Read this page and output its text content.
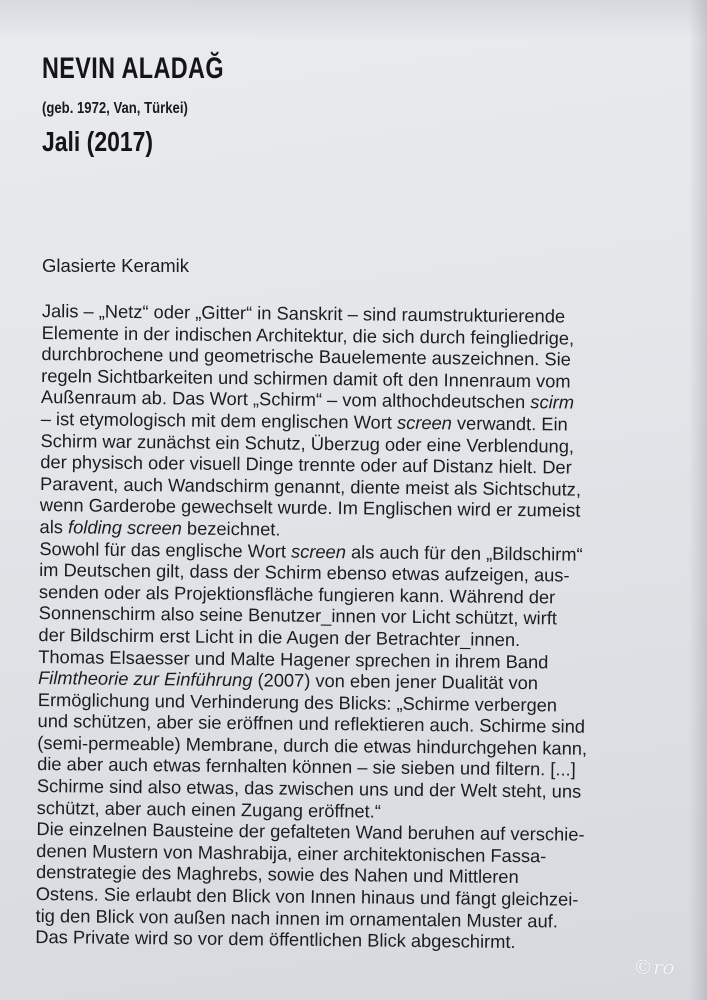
NEVIN ALADAĞ
(geb. 1972, Van, Türkei)
Jali (2017)
Glasierte Keramik
Jalis – „Netz“ oder „Gitter“ in Sanskrit – sind raumstrukturierende
Elemente in der indischen Architektur, die sich durch feingliedrige,
durchbrochene und geometrische Bauelemente auszeichnen. Sie
regeln Sichtbarkeiten und schirmen damit oft den Innenraum vom
Außenraum ab. Das Wort „Schirm“ – vom althochdeutschen scirm
– ist etymologisch mit dem englischen Wort screen verwandt. Ein
Schirm war zunächst ein Schutz, Überzug oder eine Verblendung,
der physisch oder visuell Dinge trennte oder auf Distanz hielt. Der
Paravent, auch Wandschirm genannt, diente meist als Sichtschutz,
wenn Garderobe gewechselt wurde. Im Englischen wird er zumeist
als folding screen bezeichnet.
Sowohl für das englische Wort screen als auch für den „Bildschirm“
im Deutschen gilt, dass der Schirm ebenso etwas aufzeigen, aus-
senden oder als Projektionsfläche fungieren kann. Während der
Sonnenschirm also seine Benutzer_innen vor Licht schützt, wirft
der Bildschirm erst Licht in die Augen der Betrachter_innen.
Thomas Elsaesser und Malte Hagener sprechen in ihrem Band
Filmtheorie zur Einführung (2007) von eben jener Dualität von
Ermöglichung und Verhinderung des Blicks: „Schirme verbergen
und schützen, aber sie eröffnen und reflektieren auch. Schirme sind
(semi-permeable) Membrane, durch die etwas hindurchgehen kann,
die aber auch etwas fernhalten können – sie sieben und filtern. [...]
Schirme sind also etwas, das zwischen uns und der Welt steht, uns
schützt, aber auch einen Zugang eröffnet.“
Die einzelnen Bausteine der gefalteten Wand beruhen auf verschie-
denen Mustern von Mashrabija, einer architektonischen Fassa-
denstrategie des Maghrebs, sowie des Nahen und Mittleren
Ostens. Sie erlaubt den Blick von Innen hinaus und fängt gleichzei-
tig den Blick von außen nach innen im ornamentalen Muster auf.
Das Private wird so vor dem öffentlichen Blick abgeschirmt.
©ro
